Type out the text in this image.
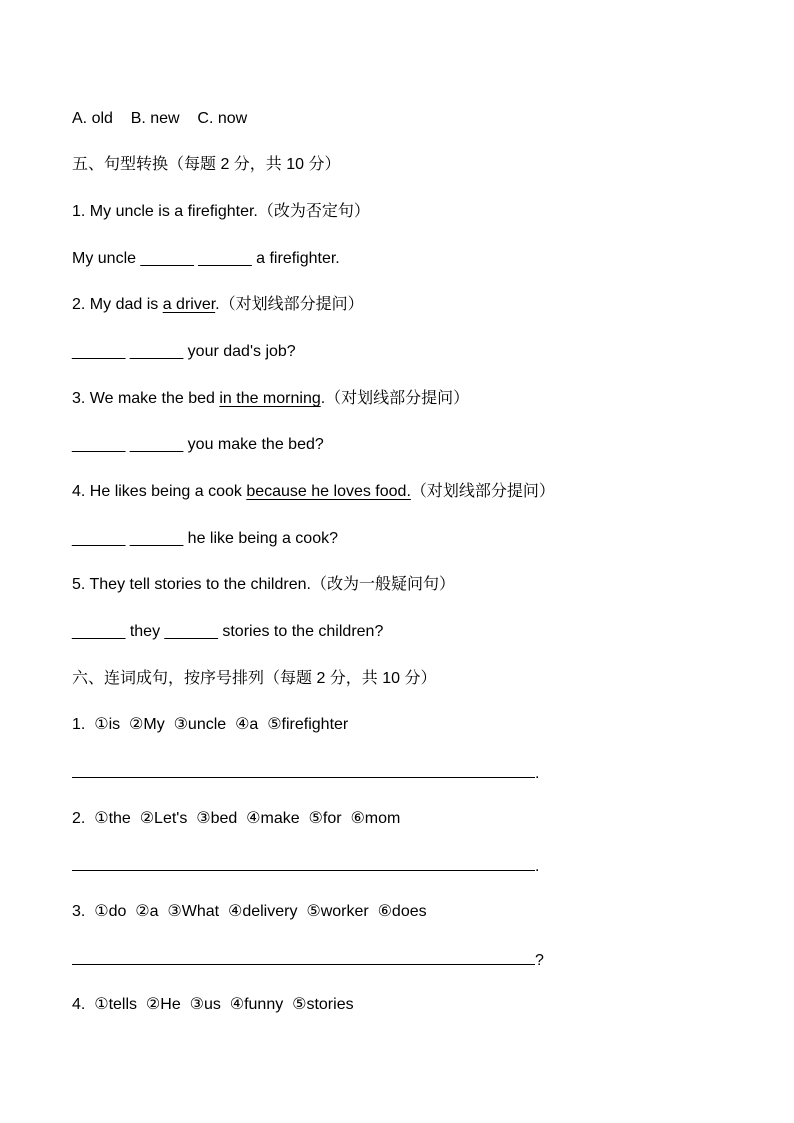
A. old    B. new    C. now
五、句型转换（每题 2 分，共 10 分）
1. My uncle is a firefighter.（改为否定句）
My uncle ______ ______ a firefighter.
2. My dad is a driver.（对划线部分提问）
______ ______ your dad's job?
3. We make the bed in the morning.（对划线部分提问）
______ ______ you make the bed?
4. He likes being a cook because he loves food.（对划线部分提问）
______ ______ he like being a cook?
5. They tell stories to the children.（改为一般疑问句）
______ they ______ stories to the children?
六、连词成句，按序号排列（每题 2 分，共 10 分）
1.  ①is  ②My  ③uncle  ④a  ⑤firefighter
.
2.  ①the  ②Let's  ③bed  ④make  ⑤for  ⑥mom
.
3.  ①do  ②a  ③What  ④delivery  ⑤worker  ⑥does
?
4.  ①tells  ②He  ③us  ④funny  ⑤stories
